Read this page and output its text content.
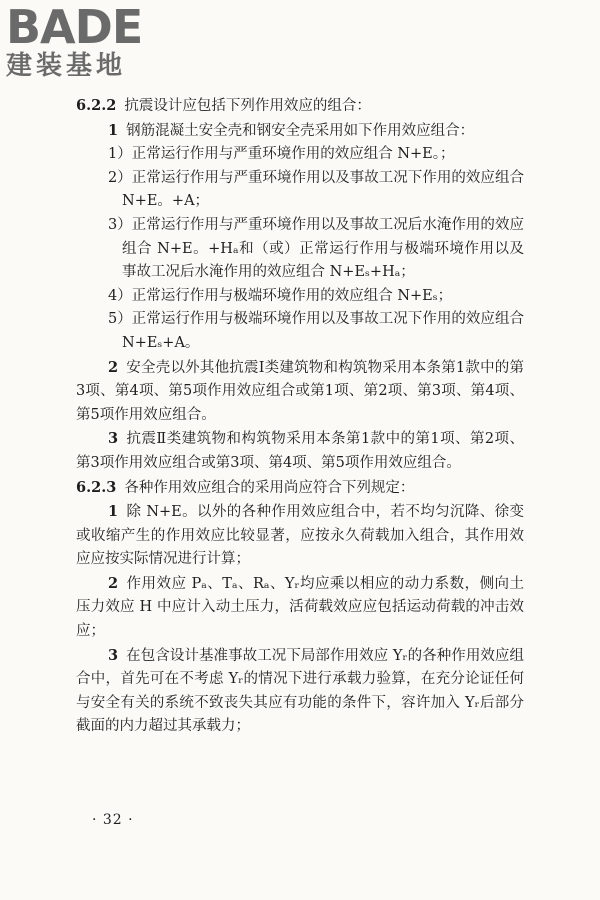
BADE
建装基地

6.2.2 抗震设计应包括下列作用效应的组合：

1 钢筋混凝土安全壳和钢安全壳采用如下作用效应组合：

1）正常运行作用与严重环境作用的效应组合 N+E。；

2）正常运行作用与严重环境作用以及事故工况下作用的效应组合 N+E。+A；

3）正常运行作用与严重环境作用以及事故工况后水淹作用的效应组合 N+E。+Hₐ和（或）正常运行作用与极端环境作用以及事故工况后水淹作用的效应组合 N+Eₛ+Hₐ；

4）正常运行作用与极端环境作用的效应组合 N+Eₛ；

5）正常运行作用与极端环境作用以及事故工况下作用的效应组合 N+Eₛ+A。

2 安全壳以外其他抗震Ⅰ类建筑物和构筑物采用本条第1款中的第3项、第4项、第5项作用效应组合或第1项、第2项、第3项、第4项、第5项作用效应组合。

3 抗震Ⅱ类建筑物和构筑物采用本条第1款中的第1项、第2项、第3项作用效应组合或第3项、第4项、第5项作用效应组合。

6.2.3 各种作用效应组合的采用尚应符合下列规定：

1 除 N+E。以外的各种作用效应组合中，若不均匀沉降、徐变或收缩产生的作用效应比较显著，应按永久荷载加入组合，其作用效应应按实际情况进行计算；

2 作用效应 Pₐ、Tₐ、Rₐ、Yᵣ均应乘以相应的动力系数，侧向土压力效应 H 中应计入动土压力，活荷载效应应包括运动荷载的冲击效应；

3 在包含设计基准事故工况下局部作用效应 Yᵣ的各种作用效应组合中，首先可在不考虑 Yᵣ的情况下进行承载力验算，在充分论证任何与安全有关的系统不致丧失其应有功能的条件下，容许加入 Yᵣ后部分截面的内力超过其承载力；

· 32 ·
